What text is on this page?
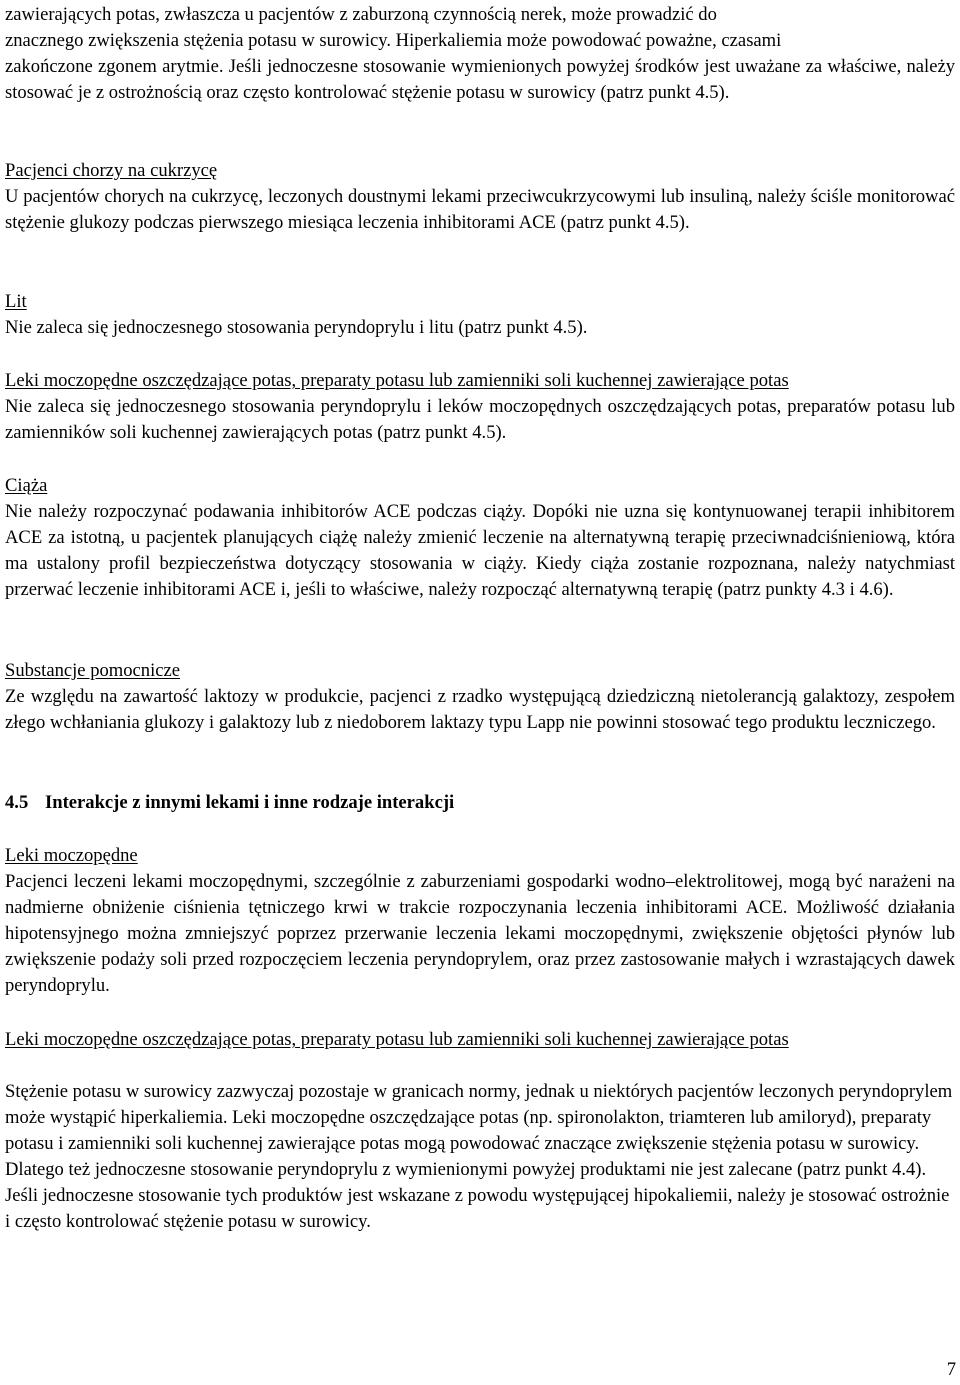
zawierających potas, zwłaszcza u pacjentów z zaburzoną czynnością nerek, może prowadzić do

znacznego zwiększenia stężenia potasu w surowicy. Hiperkaliemia może powodować poważne, czasami

zakończone zgonem arytmie. Jeśli jednoczesne stosowanie wymienionych powyżej środków jest uważane za właściwe, należy stosować je z ostrożnością oraz często kontrolować stężenie potasu w surowicy (patrz punkt 4.5).

Pacjenci chorzy na cukrzycę

U pacjentów chorych na cukrzycę, leczonych doustnymi lekami przeciwcukrzycowymi lub insuliną, należy ściśle monitorować stężenie glukozy podczas pierwszego miesiąca leczenia inhibitorami ACE (patrz punkt 4.5).

Lit

Nie zaleca się jednoczesnego stosowania peryndoprylu i litu (patrz punkt 4.5).

Leki moczopędne oszczędzające potas, preparaty potasu lub zamienniki soli kuchennej zawierające potas

Nie zaleca się jednoczesnego stosowania peryndoprylu i leków moczopędnych oszczędzających potas, preparatów potasu lub zamienników soli kuchennej zawierających potas (patrz punkt 4.5).

Ciąża

Nie należy rozpoczynać podawania inhibitorów ACE podczas ciąży. Dopóki nie uzna się kontynuowanej terapii inhibitorem ACE za istotną, u pacjentek planujących ciążę należy zmienić leczenie na alternatywną terapię przeciwnadciśnieniową, która ma ustalony profil bezpieczeństwa dotyczący stosowania w ciąży. Kiedy ciąża zostanie rozpoznana, należy natychmiast przerwać leczenie inhibitorami ACE i, jeśli to właściwe, należy rozpocząć alternatywną terapię (patrz punkty 4.3 i 4.6).

Substancje pomocnicze

Ze względu na zawartość laktozy w produkcie, pacjenci z rzadko występującą dziedziczną nietolerancją galaktozy, zespołem złego wchłaniania glukozy i galaktozy lub z niedoborem laktazy typu Lapp nie powinni stosować tego produktu leczniczego.

4.5 Interakcje z innymi lekami i inne rodzaje interakcji

Leki moczopędne

Pacjenci leczeni lekami moczopędnymi, szczególnie z zaburzeniami gospodarki wodno–elektrolitowej, mogą być narażeni na nadmierne obniżenie ciśnienia tętniczego krwi w trakcie rozpoczynania leczenia inhibitorami ACE. Możliwość działania hipotensyjnego można zmniejszyć poprzez przerwanie leczenia lekami moczopędnymi, zwiększenie objętości płynów lub zwiększenie podaży soli przed rozpoczęciem leczenia peryndoprylem, oraz przez zastosowanie małych i wzrastających dawek peryndoprylu.

Leki moczopędne oszczędzające potas, preparaty potasu lub zamienniki soli kuchennej zawierające potas

Stężenie potasu w surowicy zazwyczaj pozostaje w granicach normy, jednak u niektórych pacjentów leczonych peryndoprylem może wystąpić hiperkaliemia. Leki moczopędne oszczędzające potas (np. spironolakton, triamteren lub amiloryd), preparaty potasu i zamienniki soli kuchennej zawierające potas mogą powodować znaczące zwiększenie stężenia potasu w surowicy. Dlatego też jednoczesne stosowanie peryndoprylu z wymienionymi powyżej produktami nie jest zalecane (patrz punkt 4.4). Jeśli jednoczesne stosowanie tych produktów jest wskazane z powodu występującej hipokaliemii, należy je stosować ostrożnie i często kontrolować stężenie potasu w surowicy.

7
